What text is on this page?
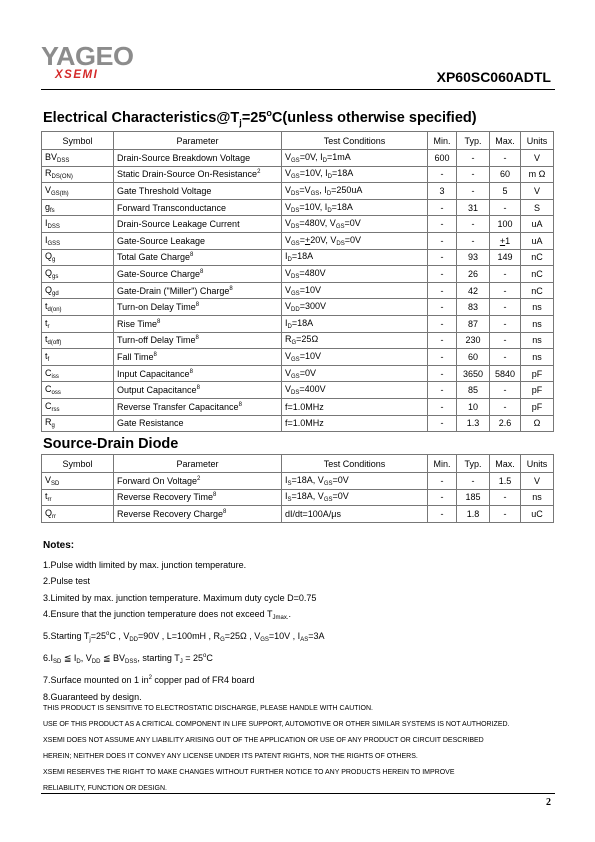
YAGEO
XSEMI	XP60SC060ADTL
Electrical $Characteristics@T_j=25^oC(unless$ otherwise specified)
Symbol	Parameter	Test Conditions	Min.	Typ.	Max.	Units
$BV_{DSS}$	Drain-Source Breakdown Voltage	$V_{GS}=0V$, $I_D=1mA$	600	-	-	V
$R_{DS(ON)}$	Static Drain-Source On-Resistance$^2$	$V_{GS}=10V$, $I_D=18A$	-	-	60	m Ω
$V_{GS(th)}$	Gate Threshold Voltage	$V_{DS}=V_{GS}$, $I_D=250uA$	3	-	5	V
$g_{fs}$	Forward Transconductance	$V_{DS}=10V$, $I_D=18A$	-	31	-	S
$I_{DSS}$	Drain-Source Leakage Current	$V_{DS}=480V$, $V_{GS}=0V$	-	-	100	uA
$I_{GSS}$	Gate-Source Leakage	$V_{GS}=+20V$, $V_{DS}=0V$	-	-	+1	uA
$Q_g$	Total Gate Charge$^8$	$I_D=18A$	-	93	149	nC
$Q_{gs}$	Gate-Source Charge$^8$	$V_{DS}=480V$	-	26	-	nC
$Q_{gd}$	Gate-Drain ("Miller") Charge$^8$	$V_{GS}=10V$	-	42	-	nC
$t_{d(on)}$	Turn-on Delay Time$^8$	$V_{DD}=300V$	-	83	-	ns
$t_r$	Rise Time$^8$	$I_D=18A$	-	87	-	ns
$t_{d(off)}$	Turn-off Delay Time$^8$	$R_G=25\Omega$	-	230	-	ns
$t_f$	Fall Time$^8$	$V_{GS}=10V$	-	60	-	ns
$C_{iss}$	Input Capacitance$^8$	$V_{GS}=0V$	-	3650	5840	pF
$C_{oss}$	Output Capacitance$^8$	$V_{DS}=400V$	-	85	-	pF
$C_{rss}$	Reverse Transfer Capacitance$^8$	f=1.0MHz	-	10	-	pF
$R_g$	Gate Resistance	f=1.0MHz	-	1.3	2.6	Ω
Source-Drain Diode
Symbol	Parameter	Test Conditions	Min.	Typ.	Max.	Units
$V_{SD}$	Forward On Voltage$^2$	$I_S=18A$, $V_{GS}=0V$	-	-	1.5	V
$t_{rr}$	Reverse Recovery Time$^8$	$I_S=18A$, $V_{GS}=0V$	-	185	-	ns
$Q_{rr}$	Reverse Recovery Charge$^8$	dI/dt=100A/μs	-	1.8	-	uC
Notes:
1.Pulse width limited by max. junction temperature.
2.Pulse test
3.Limited by max. junction temperature. Maximum duty cycle D=0.75
4.Ensure that the junction temperature does not exceed $T_{Jmax.}$.
5.Starting $T_j=25^oC$ , $V_{DD}=90V$ , L=100mH , $R_G=25\Omega$ , $V_{GS}=10V$ , $I_{AS}=3A$
$6.I_{SD}$ ≦ $I_D$, $V_{DD}$ ≦ $BV_{DSS}$, starting $T_J = 25^oC$
7.Surface mounted on 1 $in^2$ copper pad of FR4 board
8.Guaranteed by design.
THIS PRODUCT IS SENSITIVE TO ELECTROSTATIC DISCHARGE, PLEASE HANDLE WITH CAUTION.
USE OF THIS PRODUCT AS A CRITICAL COMPONENT IN LIFE SUPPORT, AUTOMOTIVE OR OTHER SIMILAR SYSTEMS IS NOT AUTHORIZED.
XSEMI DOES NOT ASSUME ANY LIABILITY ARISING OUT OF THE APPLICATION OR USE OF ANY PRODUCT OR CIRCUIT DESCRIBED
HEREIN; NEITHER DOES IT CONVEY ANY LICENSE UNDER ITS PATENT RIGHTS, NOR THE RIGHTS OF OTHERS.
XSEMI RESERVES THE RIGHT TO MAKE CHANGES WITHOUT FURTHER NOTICE TO ANY PRODUCTS HEREIN TO IMPROVE
RELIABILITY, FUNCTION OR DESIGN.
2
